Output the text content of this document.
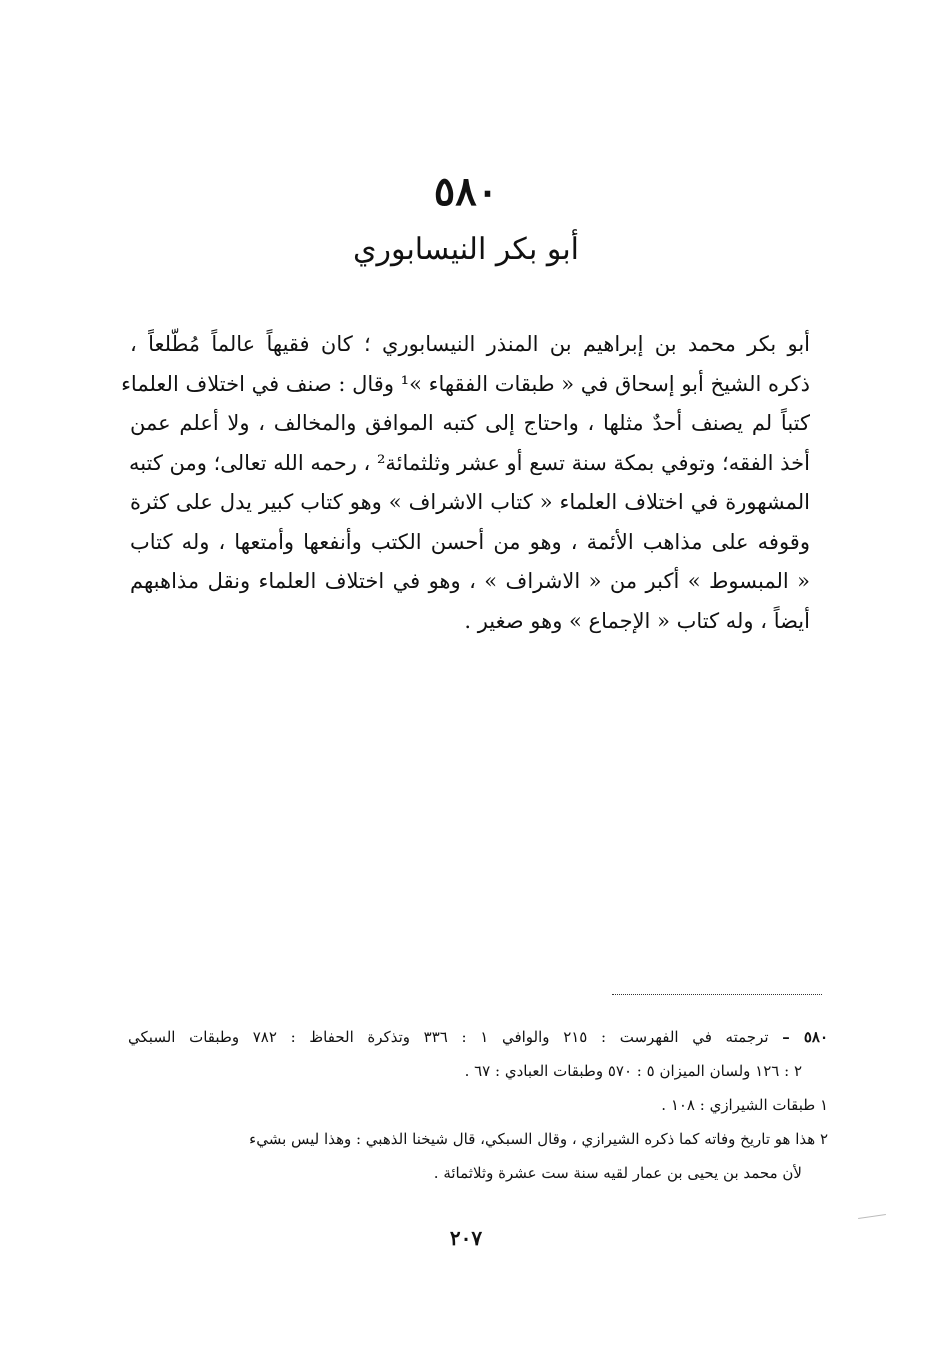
٥٨٠
أبو بكر النيسابوري
أبو بكر محمد بن إبراهيم بن المنذر النيسابوري ؛ كان فقيهاً عالماً مُطّلعاً ،
ذكره الشيخ أبو إسحاق في « طبقات الفقهاء »¹ وقال : صنف في اختلاف العلماء
كتباً لم يصنف أحدٌ مثلها ، واحتاج إلى كتبه الموافق والمخالف ، ولا أعلم عمن
أخذ الفقه؛ وتوفي بمكة سنة تسع أو عشر وثلثمائة² ، رحمه الله تعالى؛ ومن كتبه
المشهورة في اختلاف العلماء « كتاب الاشراف » وهو كتاب كبير يدل على كثرة
وقوفه على مذاهب الأئمة ، وهو من أحسن الكتب وأنفعها وأمتعها ، وله كتاب
« المبسوط » أكبر من « الاشراف » ، وهو في اختلاف العلماء ونقل مذاهبهم
أيضاً ، وله كتاب « الإجماع » وهو صغير .
٥٨٠ – ترجمته في الفهرست : ٢١٥ والوافي ١ : ٣٣٦ وتذكرة الحفاظ : ٧٨٢ وطبقات السبكي
٢ : ١٢٦ ولسان الميزان ٥ : ٥٧٠ وطبقات العبادي : ٦٧ .
١ طبقات الشيرازي : ١٠٨ .
٢ هذا هو تاريخ وفاته كما ذكره الشيرازي ، وقال السبكي، قال شيخنا الذهبي : وهذا ليس بشيء
لأن محمد بن يحيى بن عمار لقيه سنة ست عشرة وثلاثمائة .
٢٠٧
